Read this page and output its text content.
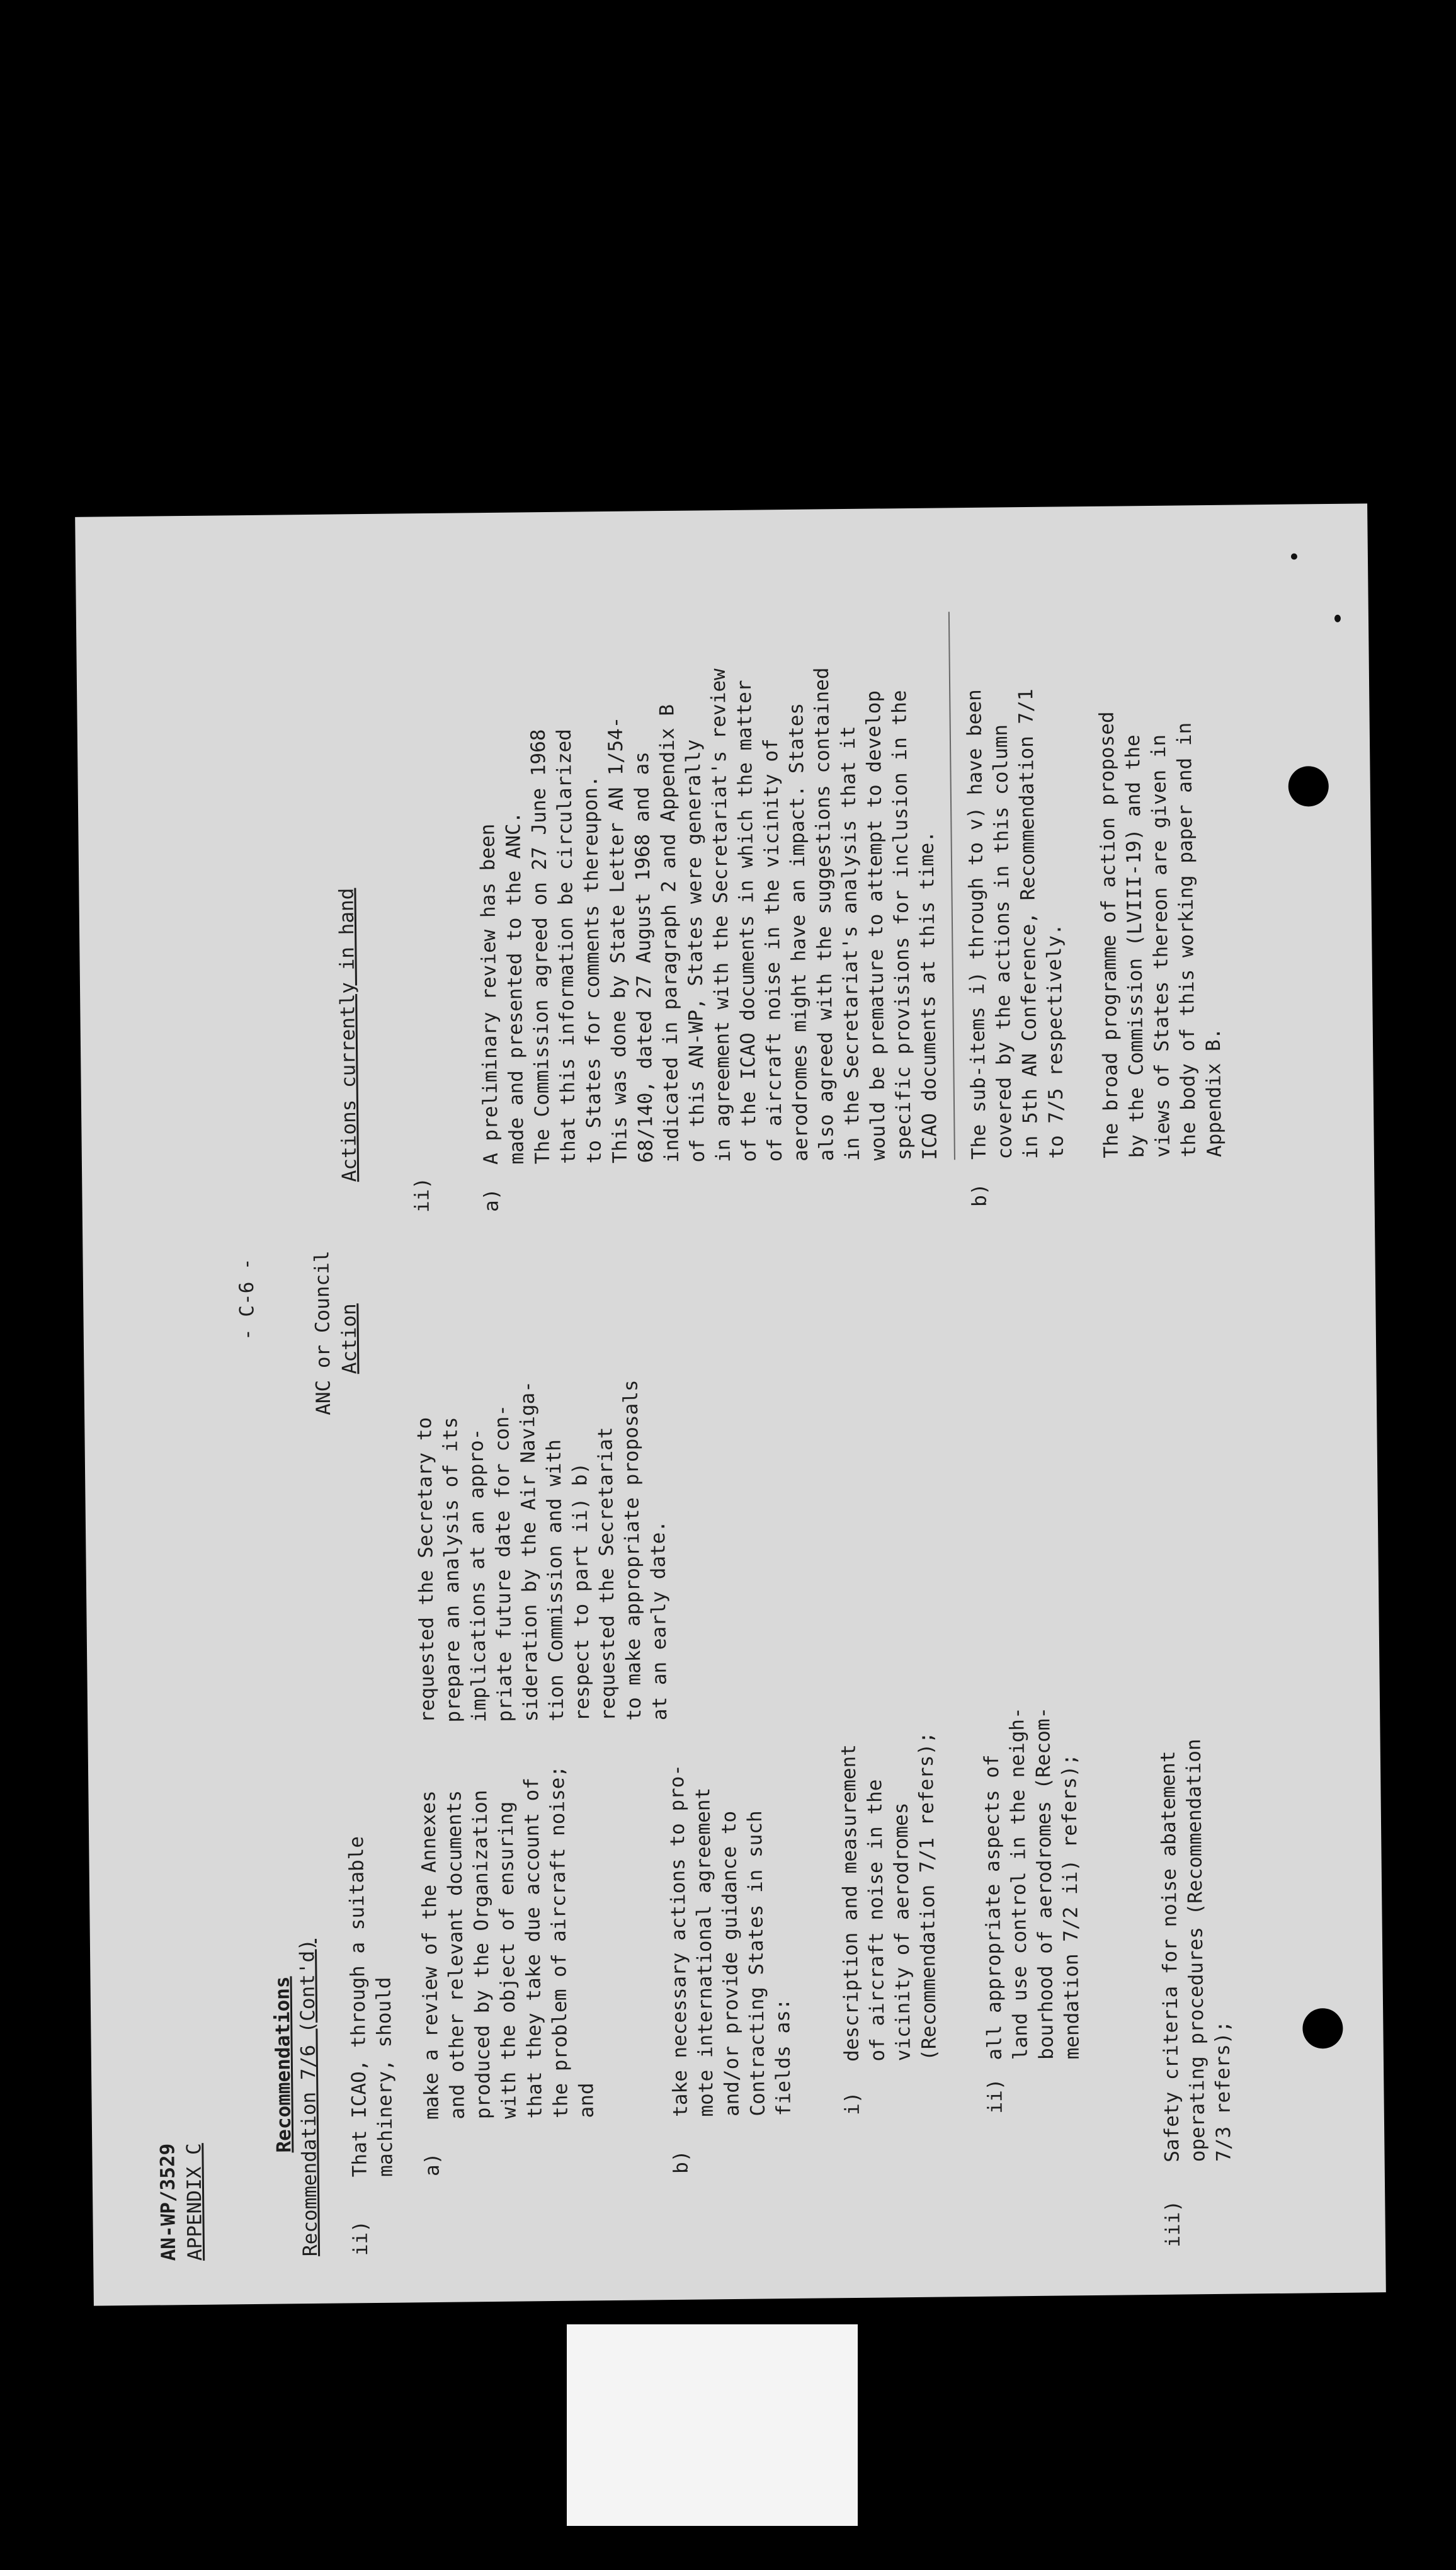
AN-WP/3529 APPENDIX C
- C-6 -
Recommendations
ANC or Council Action
Actions currently in hand
Recommendation 7/6 (Cont'd) ii)
That ICAO, through a suitable
machinery, should a)
make a review of the Annexes
and other relevant documents
produced by the Organization
with the object of ensuring
that they take due account of
the problem of aircraft noise;
and
b)
take necessary actions to pro-
mote international agreement
and/or provide guidance to
Contracting States in such
fields as: i)
description and measurement
of aircraft noise in the
vicinity of aerodromes
(Recommendation 7/1 refers);
ii)
all appropriate aspects of
land use control in the neigh-
bourhood of aerodromes (Recom-
mendation 7/2 ii) refers);
iii)
Safety criteria for noise abatement
operating procedures (Recommendation
7/3 refers);
requested the Secretary to
prepare an analysis of its
implications at an appro-
priate future date for con-
sideration by the Air Naviga-
tion Commission and with
respect to part ii) b)
requested the Secretariat
to make appropriate proposals
at an early date.
ii) a)
A preliminary review has been
made and presented to the ANC.
The Commission agreed on 27 June 1968
that this information be circularized
to States for comments thereupon.
This was done by State Letter AN 1/54-
68/140, dated 27 August 1968 and as
indicated in paragraph 2 and Appendix B
of this AN-WP, States were generally
in agreement with the Secretariat's review
of the ICAO documents in which the matter
of aircraft noise in the vicinity of
aerodromes might have an impact. States
also agreed with the suggestions contained
in the Secretariat's analysis that it
would be premature to attempt to develop
specific provisions for inclusion in the
ICAO documents at this time.
b)
The sub-items i) through to v) have been
covered by the actions in this column
in 5th AN Conference, Recommendation 7/1
to 7/5 respectively. The broad programme of action proposed
by the Commission (LVIII-19) and the
views of States thereon are given in
the body of this working paper and in
Appendix B.
